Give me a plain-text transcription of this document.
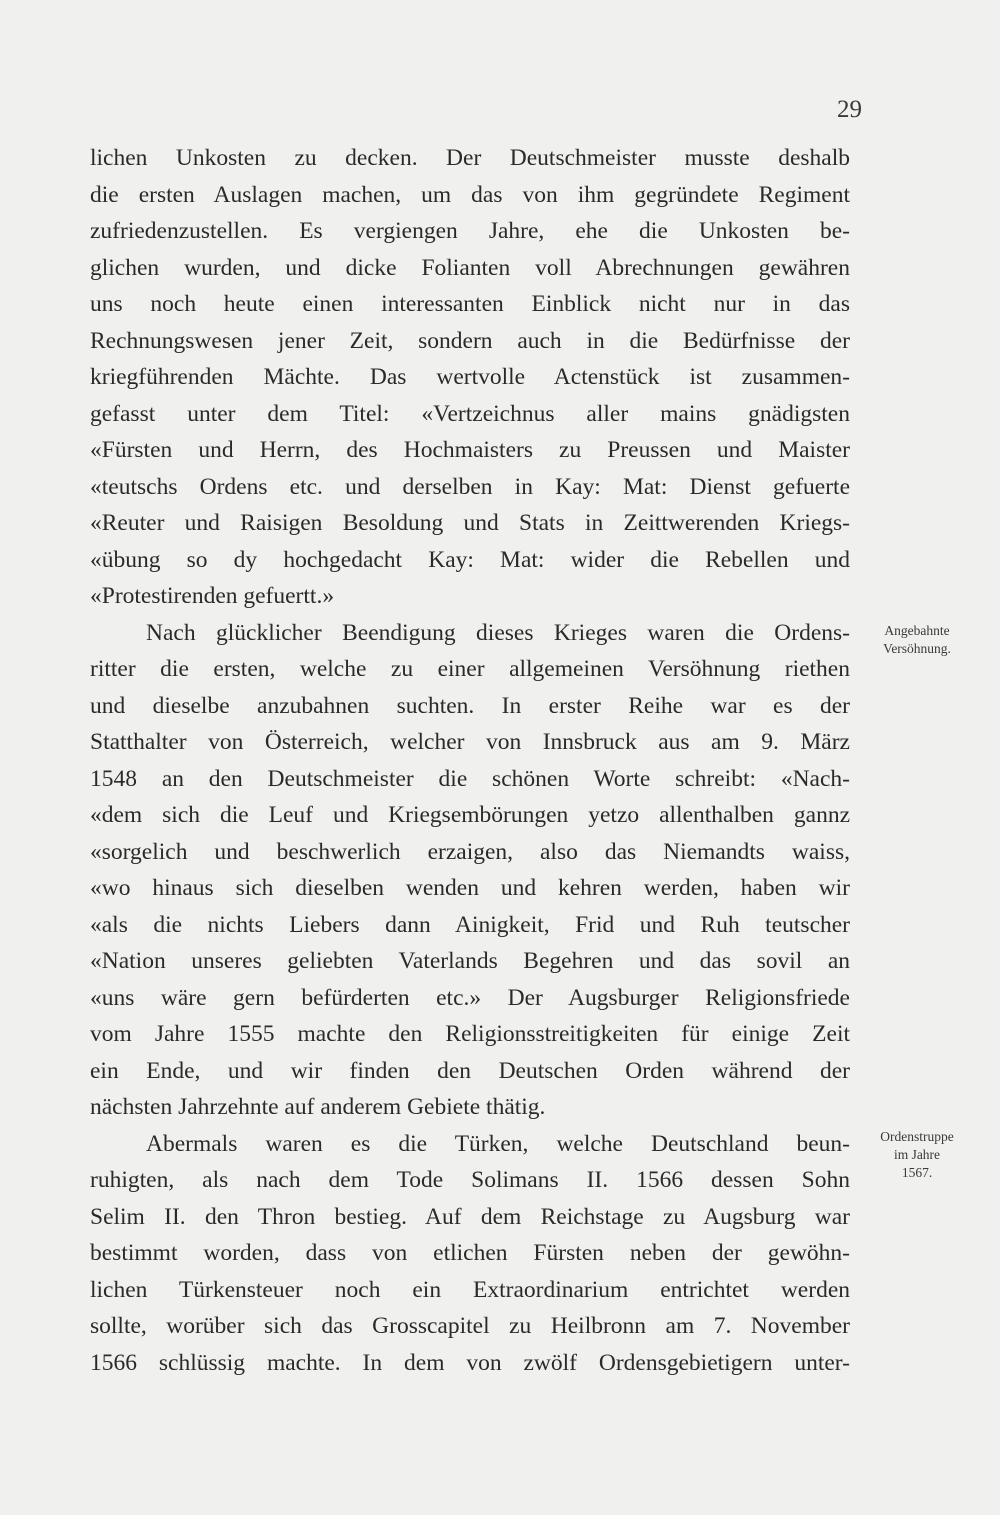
29
lichen Unkosten zu decken. Der Deutschmeister musste deshalb
die ersten Auslagen machen, um das von ihm gegründete Regiment
zufriedenzustellen. Es vergiengen Jahre, ehe die Unkosten be-
glichen wurden, und dicke Folianten voll Abrechnungen gewähren
uns noch heute einen interessanten Einblick nicht nur in das
Rechnungswesen jener Zeit, sondern auch in die Bedürfnisse der
kriegführenden Mächte. Das wertvolle Actenstück ist zusammen-
gefasst unter dem Titel: «Vertzeichnus aller mains gnädigsten
«Fürsten und Herrn, des Hochmaisters zu Preussen und Maister
«teutschs Ordens etc. und derselben in Kay: Mat: Dienst gefuerte
«Reuter und Raisigen Besoldung und Stats in Zeittwerenden Kriegs-
«übung so dy hochgedacht Kay: Mat: wider die Rebellen und
«Protestirenden gefuertt.»
Nach glücklicher Beendigung dieses Krieges waren die Ordens-
ritter die ersten, welche zu einer allgemeinen Versöhnung riethen
und dieselbe anzubahnen suchten. In erster Reihe war es der
Statthalter von Österreich, welcher von Innsbruck aus am 9. März
1548 an den Deutschmeister die schönen Worte schreibt: «Nach-
«dem sich die Leuf und Kriegsembörungen yetzo allenthalben gannz
«sorgelich und beschwerlich erzaigen, also das Niemandts waiss,
«wo hinaus sich dieselben wenden und kehren werden, haben wir
«als die nichts Liebers dann Ainigkeit, Frid und Ruh teutscher
«Nation unseres geliebten Vaterlands Begehren und das sovil an
«uns wäre gern befürderten etc.» Der Augsburger Religionsfriede
vom Jahre 1555 machte den Religionsstreitigkeiten für einige Zeit
ein Ende, und wir finden den Deutschen Orden während der
nächsten Jahrzehnte auf anderem Gebiete thätig.
Abermals waren es die Türken, welche Deutschland beun-
ruhigten, als nach dem Tode Solimans II. 1566 dessen Sohn
Selim II. den Thron bestieg. Auf dem Reichstage zu Augsburg war
bestimmt worden, dass von etlichen Fürsten neben der gewöhn-
lichen Türkensteuer noch ein Extraordinarium entrichtet werden
sollte, worüber sich das Grosscapitel zu Heilbronn am 7. November
1566 schlüssig machte. In dem von zwölf Ordensgebietigern unter-
Angebahnte
Versöhnung.
Ordenstruppe
im Jahre
1567.
